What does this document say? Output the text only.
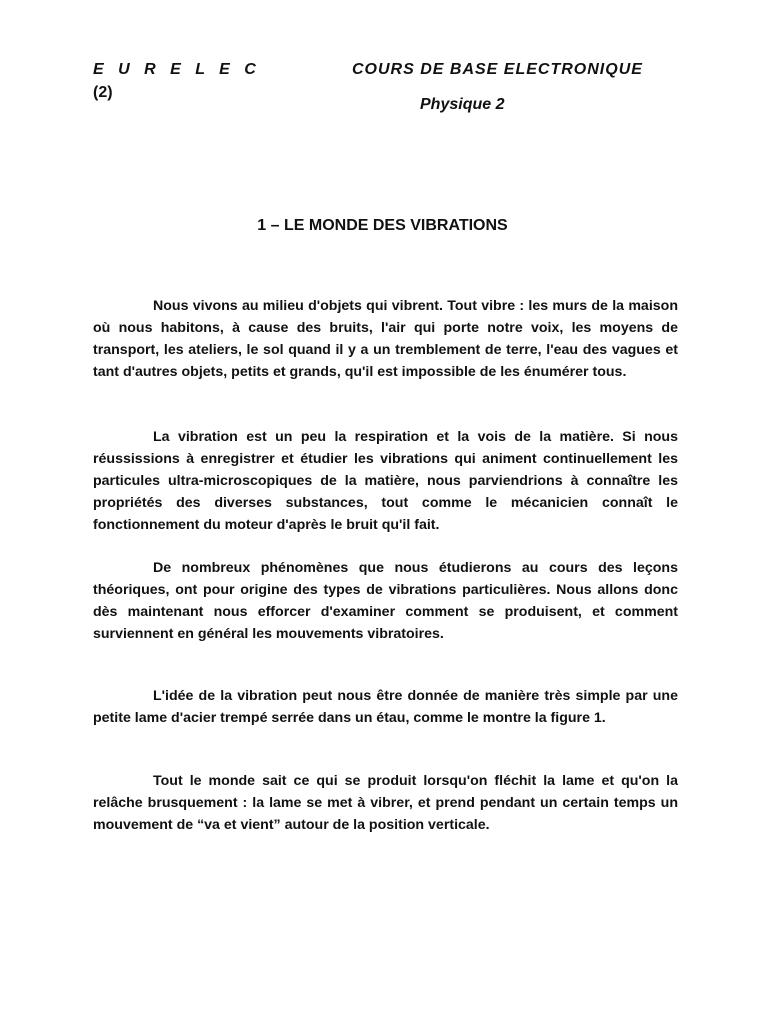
E U R E L E C
(2)
COURS DE BASE ELECTRONIQUE
Physique 2
1 – LE MONDE DES VIBRATIONS

Nous vivons au milieu d'objets qui vibrent. Tout vibre : les murs de la maison où nous habitons, à cause des bruits, l'air qui porte notre voix, les moyens de transport, les ateliers, le sol quand il y a un tremblement de terre, l'eau des vagues et tant d'autres objets, petits et grands, qu'il est impossible de les énumérer tous.

La vibration est un peu la respiration et la vois de la matière. Si nous réussissions à enregistrer et étudier les vibrations qui animent continuellement les particules ultra-microscopiques de la matière, nous parviendrions à connaître les propriétés des diverses substances, tout comme le mécanicien connaît le fonctionnement du moteur d'après le bruit qu'il fait.

De nombreux phénomènes que nous étudierons au cours des leçons théoriques, ont pour origine des types de vibrations particulières. Nous allons donc dès maintenant nous efforcer d'examiner comment se produisent, et comment surviennent en général les mouvements vibratoires.

L'idée de la vibration peut nous être donnée de manière très simple par une petite lame d'acier trempé serrée dans un étau, comme le montre la figure 1.

Tout le monde sait ce qui se produit lorsqu'on fléchit la lame et qu'on la relâche brusquement : la lame se met à vibrer, et prend pendant un certain temps un mouvement de “va et vient” autour de la position verticale.
